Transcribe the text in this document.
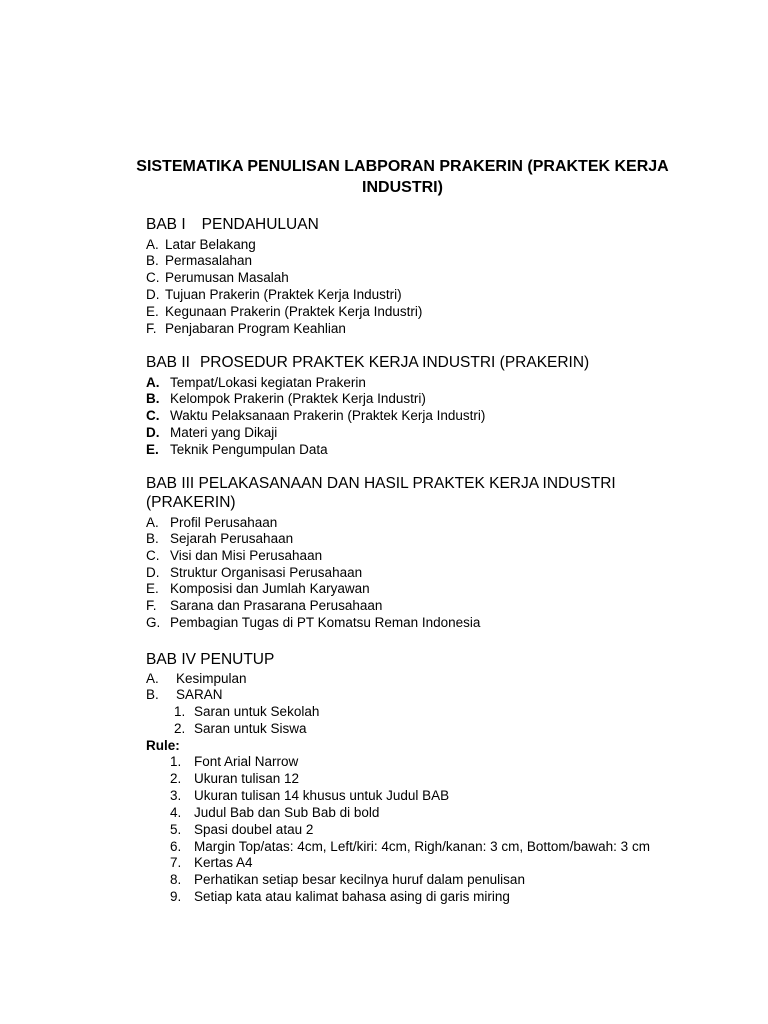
SISTEMATIKA PENULISAN LABPORAN PRAKERIN (PRAKTEK KERJA
INDUSTRI)
BAB I PENDAHULUAN
A. Latar Belakang
B. Permasalahan
C. Perumusan Masalah
D. Tujuan Prakerin (Praktek Kerja Industri)
E. Kegunaan Prakerin (Praktek Kerja Industri)
F. Penjabaran Program Keahlian
BAB II PROSEDUR PRAKTEK KERJA INDUSTRI (PRAKERIN)
A. Tempat/Lokasi kegiatan Prakerin
B. Kelompok Prakerin (Praktek Kerja Industri)
C. Waktu Pelaksanaan Prakerin (Praktek Kerja Industri)
D. Materi yang Dikaji
E. Teknik Pengumpulan Data
BAB III PELAKASANAAN DAN HASIL PRAKTEK KERJA INDUSTRI
(PRAKERIN)
A. Profil Perusahaan
B. Sejarah Perusahaan
C. Visi dan Misi Perusahaan
D. Struktur Organisasi Perusahaan
E. Komposisi dan Jumlah Karyawan
F. Sarana dan Prasarana Perusahaan
G. Pembagian Tugas di PT Komatsu Reman Indonesia
BAB IV PENUTUP
A. Kesimpulan
B. SARAN
1. Saran untuk Sekolah
2. Saran untuk Siswa
Rule:
1. Font Arial Narrow
2. Ukuran tulisan 12
3. Ukuran tulisan 14 khusus untuk Judul BAB
4. Judul Bab dan Sub Bab di bold
5. Spasi doubel atau 2
6. Margin Top/atas: 4cm, Left/kiri: 4cm, Righ/kanan: 3 cm, Bottom/bawah: 3 cm
7. Kertas A4
8. Perhatikan setiap besar kecilnya huruf dalam penulisan
9. Setiap kata atau kalimat bahasa asing di garis miring
